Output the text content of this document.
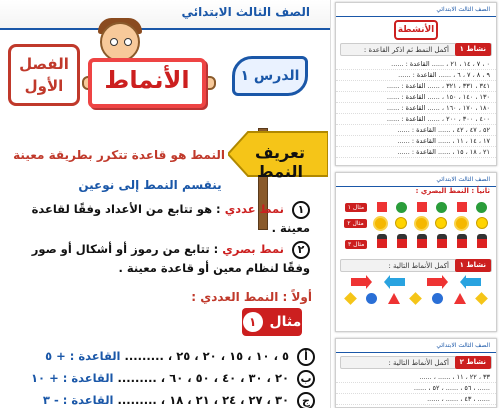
الصف الثالث الابتدائي
الفصل
الأول	الأنماط	الدرس ١
تعريف النمط
النمط هو قاعدة تتكرر بطريقة معينة
ينقسم النمط إلى نوعين
١ نمط عددي : هو تتابع من الأعداد وفقًا لقاعدة معينة .
٢ نمط بصري : تتابع من رموز أو أشكال أو صور وفقًا لنظام معين أو قاعدة معينة .
أولاً : النمط العددي :
مثال ١
أ ٥ ، ١٠ ، ١٥ ، ٢٠ ، ٢٥ ، ......... القاعدة : + ٥
ب ٢٠ ، ٣٠ ، ٤٠ ، ٥٠ ، ٦٠ ، ......... القاعدة : + ١٠
ج ٣٠ ، ٢٧ ، ٢٤ ، ٢١ ، ١٨ ، ......... القاعدة : - ٣
الصف الثالث الابتدائي
الأنشطة
نشاط ١
أكمل النمط ثم اذكر القاعدة :
٠ ، ٧ ، ١٤ ، ٢١ ، ...... القاعدة : ......
٩ ، ٨ ، ٧ ، ٦ ، ...... القاعدة : ......
٣٤١ ، ٣٣١ ، ٣٢١ ، ...... القاعدة : ......
١٣٠ ، ١٤٠ ، ١٥٠ ، ...... القاعدة : ......
١٨٠ ، ١٧٠ ، ١٦٠ ، ...... القاعدة : ......
٤٠٠ ، ٣٠٠ ، ٢٠٠ ، ...... القاعدة : ......
٥٢ ، ٤٧ ، ٤٢ ، ...... القاعدة : ......
١٧ ، ١٤ ، ١١ ، ...... القاعدة : ......
٢١ ، ١٨ ، ١٥ ، ...... القاعدة : ......
الصف الثالث الابتدائي
ثانياً : النمط البصري :
مثال ١
مثال ٢
مثال ٣
نشاط ١
أكمل الأنماط التالية :
الصف الثالث الابتدائي
نشاط ٢
أكمل الأنماط التالية :
٣٣ ، ٢٢ ، ١١ ، ...... ، ......
...... ، ٥٦ ، ...... ، ٥٢ ، ......
...... ، ٤٣ ، ...... ، ......
